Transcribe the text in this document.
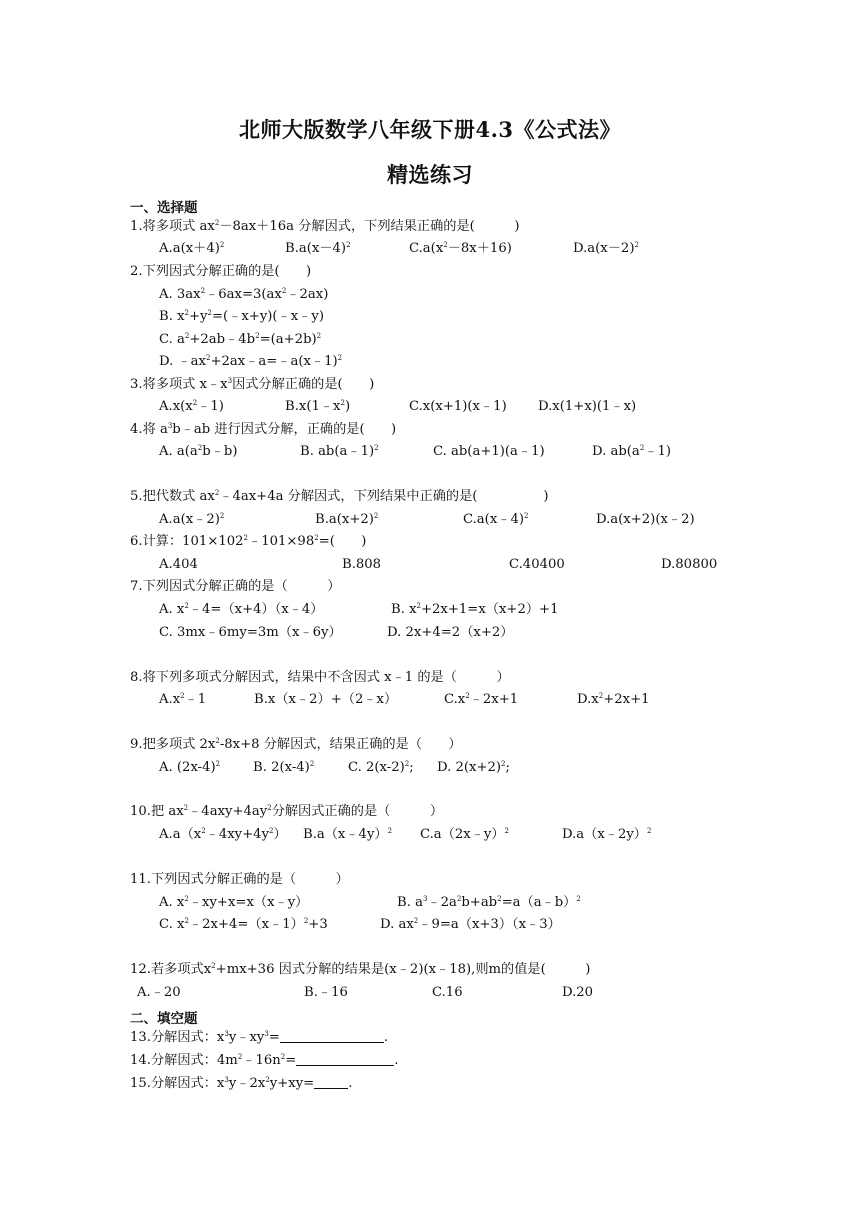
北师大版数学八年级下册4.3《公式法》
精选练习
一、选择题
1.将多项式 $ax^2-8ax+16a$ 分解因式，下列结果正确的是(　　　)
$A.a(x+4)^2$	$B.a(x-4)^2$	$C.a(x^2-8x+16)$	$D.a(x-2)^2$
2.下列因式分解正确的是(　　)
A. $3ax^2﹣6ax=3(ax^2﹣2ax)$
B. $x^2+y^2=(﹣x+y)(﹣x﹣y)$
C. $a^2+2ab﹣4b^2=(a+2b)^2$
D. $﹣ax^2+2ax﹣a=﹣a(x﹣1)^2$
3.将多项式 $x﹣x^3$因式分解正确的是(　　)
$A.x(x^2﹣1)$	$B.x(1﹣x^2)$	C.x(x+1)(x﹣1) D.x(1+x)(1﹣x)
4.将 $a^3b﹣ab$ 进行因式分解，正确的是(　　)
A. $a(a^2b﹣b)$	B. ab(a﹣1)$^2$	C. ab(a+1)(a﹣1)	D. $ab(a^2﹣1)$
5.把代数式 $ax^2﹣4ax+4a$ 分解因式，下列结果中正确的是(　　　　　)
A.a(x﹣2)$^2$	$B.a(x+2)^2$	C.a(x﹣4)$^2$	D.a(x+2)(x﹣2)
6.计算：$101\times 102^2﹣101\times 98^2=$(　　)
A.404	B.808	C.40400	D.80800
7.下列因式分解正确的是（　　　）
A. $x^2﹣4=(x+4)(x﹣4)$	B. $x^2+2x+1=x(x+2)+1$
C. 3mx﹣6my=3m（x﹣6y）	D. 2x+4=2（x+2）
8.将下列多项式分解因式，结果中不含因式 x﹣1 的是（　　　）
$A.x^2﹣1$	B.x（x﹣2）+（2﹣x）	$C.x^2﹣2x+1$	$D.x^2+2x+1$
9.把多项式 $2x^2-8x+8$ 分解因式，结果正确的是（　　）
A. $(2x-4)^2$ B. $2(x-4)^2$	C. $2(x-2)^2$; D. $2(x+2)^2$;
10.把 $ax^2﹣4axy+4ay^2$分解因式正确的是（　　　）
$A.a(x^2﹣4xy+4y^2)$ B.a（x﹣4y）$^2$ C.a（2x﹣y）$^2$	D.a（x﹣2y）$^2$
11.下列因式分解正确的是（　　　）
A. $x^2﹣xy+x=x(x﹣y)$	B. $a^3﹣2a^2b+ab^2=a(a﹣b)^2$
C. $x^2﹣2x+4=(x﹣1)^2+3$	D. $ax^2﹣9=a(x+3)(x﹣3)$
12.若多项式$x^2+mx+36$ 因式分解的结果是(x﹣2)(x﹣18),则m的值是(　　　)
A.﹣20	B.﹣16	C.16	D.20
二、填空题
13.分解因式：$x^3y﹣xy^3=$	.
14.分解因式：$4m^2﹣16n^2=$	.
15.分解因式：$x^3y﹣2x^2y+xy=$	.
